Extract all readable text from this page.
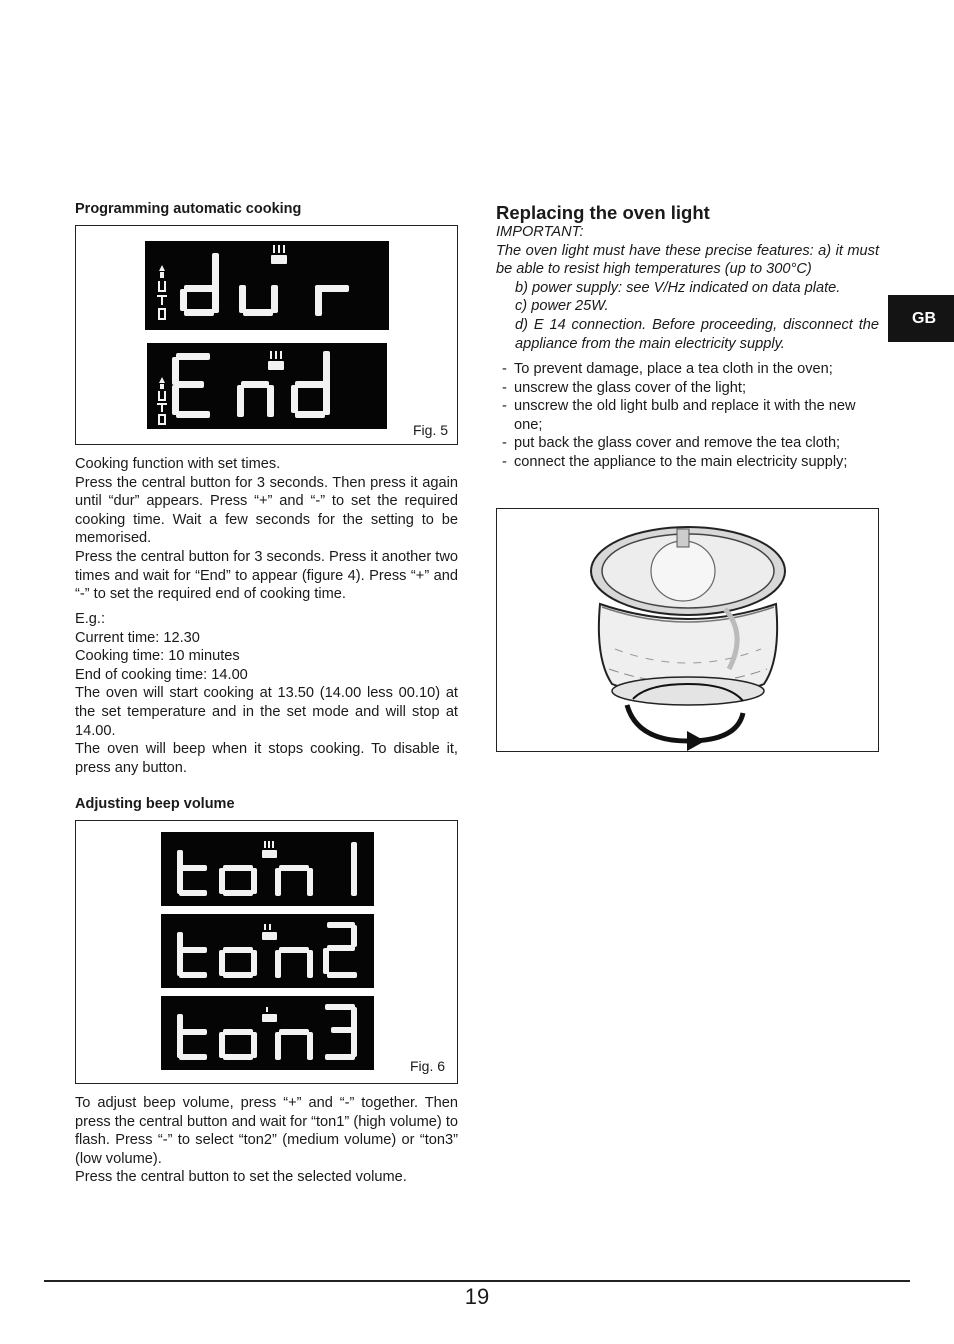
Programming automatic cooking
Fig. 5

Cooking function with set times.

Press the central button for 3 seconds. Then press it again until “dur” appears. Press “+” and “-” to set the required cooking time. Wait a few seconds for the setting to be memorised.

Press the central button for 3 seconds. Press it another two times and wait for “End” to appear (figure 4). Press “+” and “-” to set the required end of cooking time.

E.g.:

Current time: 12.30

Cooking time: 10 minutes

End of cooking time: 14.00

The oven will start cooking at 13.50 (14.00 less 00.10) at the set temperature and in the set mode and will stop at 14.00.

The oven will beep when it stops cooking. To disable it, press any button.

Adjusting beep volume
Fig. 6

To adjust beep volume, press “+” and “-” together. Then press the central button and wait for “ton1” (high volume) to flash. Press “-” to select “ton2” (medium volume) or “ton3” (low volume).

Press the central button to set the selected volume.

Replacing the oven light

IMPORTANT:

The oven light must have these precise features: a) it must be able to resist high temperatures (up to 300°C)

b) power supply: see V/Hz indicated on data plate.

c) power 25W.

d) E 14 connection. Before proceeding, disconnect the appliance from the main electricity supply.

- To prevent damage, place a tea cloth in the oven;
- unscrew the glass cover of the light;
- unscrew the old light bulb and replace it with the new one;
- put back the glass cover and remove the tea cloth;
- connect the appliance to the main electricity supply;
GB
19
